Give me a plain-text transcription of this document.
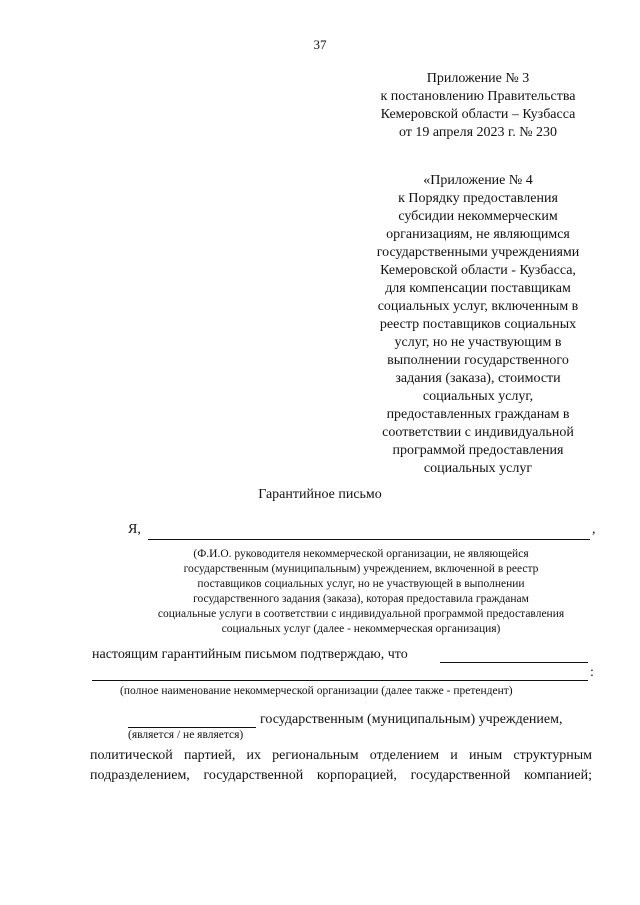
37
Приложение № 3
к постановлению Правительства
Кемеровской области – Кузбасса
от 19 апреля 2023 г. № 230
«Приложение № 4
к Порядку предоставления
субсидии некоммерческим
организациям, не являющимся
государственными учреждениями
Кемеровской области - Кузбасса,
для компенсации поставщикам
социальных услуг, включенным в
реестр поставщиков социальных
услуг, но не участвующим в
выполнении государственного
задания (заказа), стоимости
социальных услуг,
предоставленных гражданам в
соответствии с индивидуальной
программой предоставления
социальных услуг
Гарантийное письмо
Я,	,
(Ф.И.О. руководителя некоммерческой организации, не являющейся
государственным (муниципальным) учреждением, включенной в реестр
поставщиков социальных услуг, но не участвующей в выполнении
государственного задания (заказа), которая предоставила гражданам
социальные услуги в соответствии с индивидуальной программой предоставления
социальных услуг (далее - некоммерческая организация)
настоящим гарантийным письмом подтверждаю, что
:
(полное наименование некоммерческой организации (далее также - претендент)
государственным (муниципальным) учреждением,
(является / не является)
политической партией, их региональным отделением и иным структурным
подразделением, государственной корпорацией, государственной компанией;
